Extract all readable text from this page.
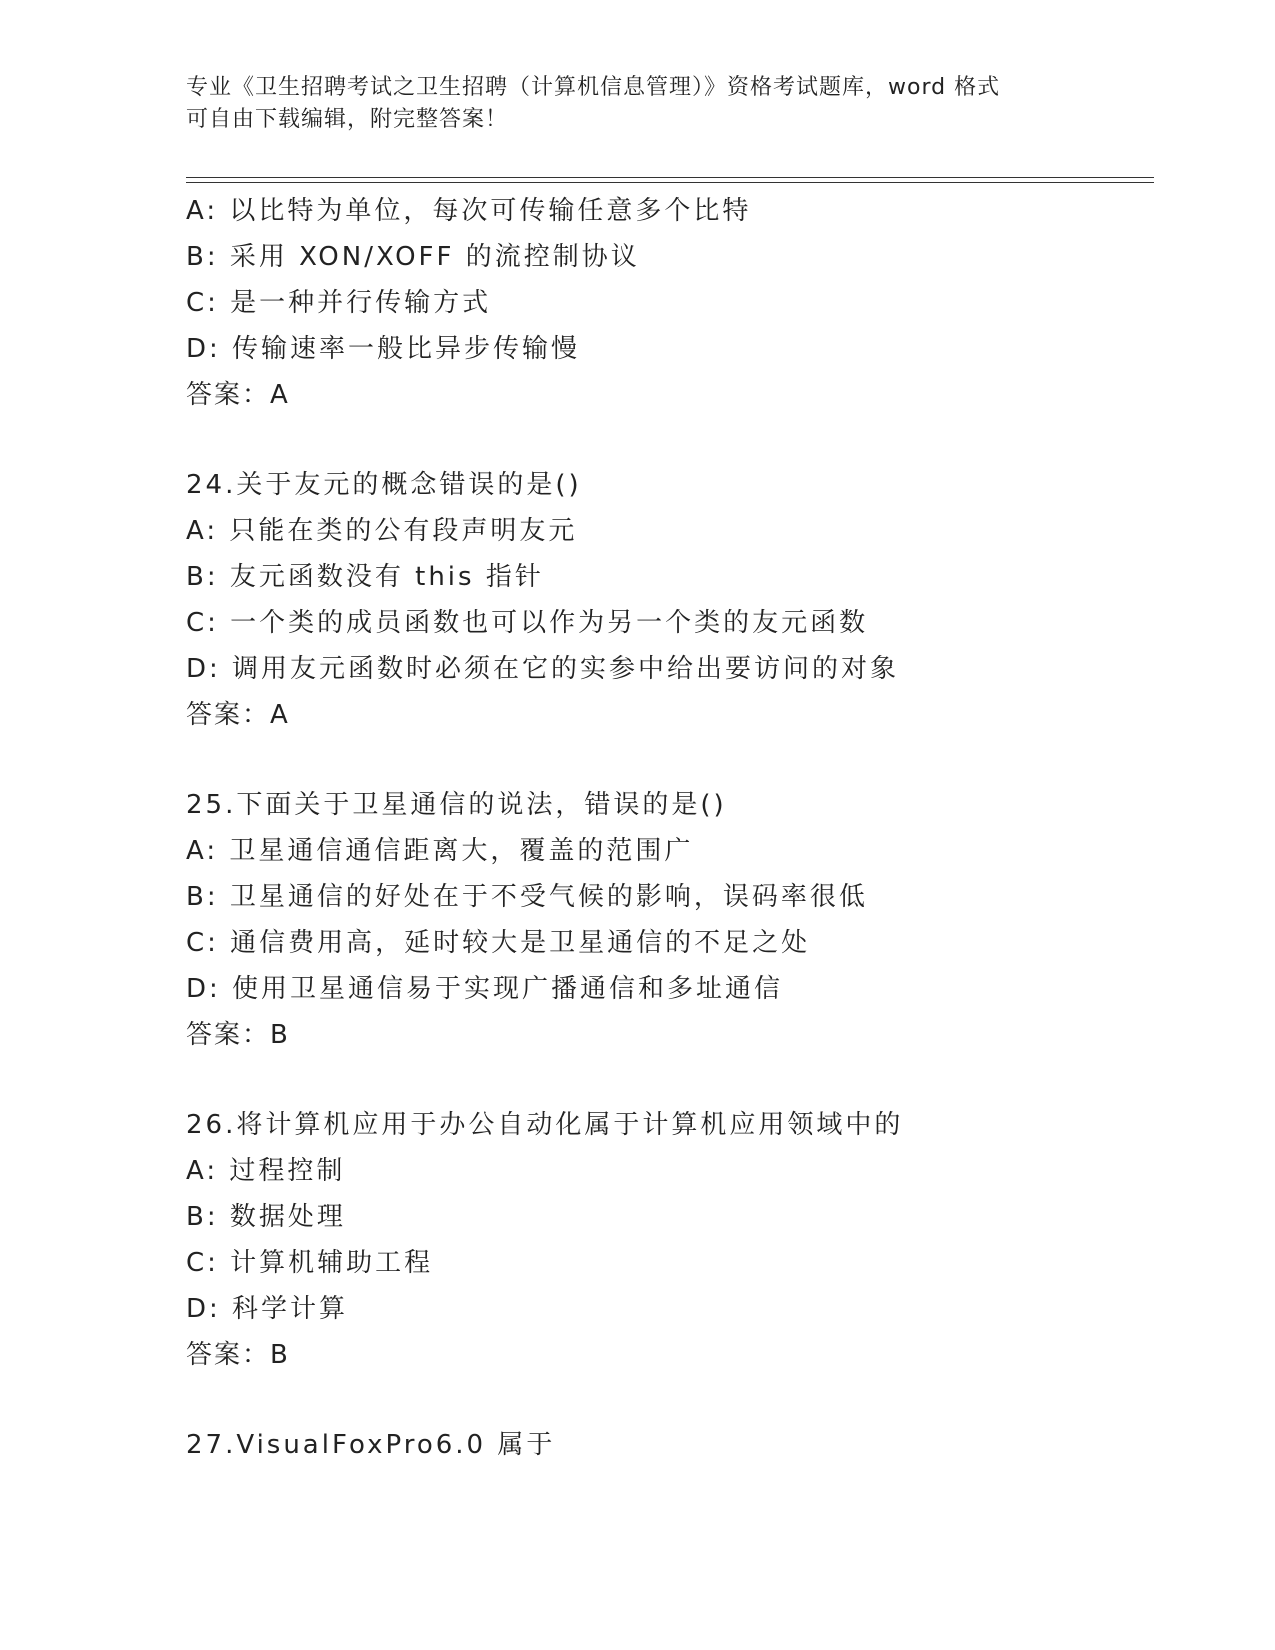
专业《卫生招聘考试之卫生招聘（计算机信息管理）》资格考试题库，word 格式
可自由下载编辑，附完整答案！
A: 以比特为单位，每次可传输任意多个比特
B: 采用 XON/XOFF 的流控制协议
C: 是一种并行传输方式
D: 传输速率一般比异步传输慢
答案：A
24.关于友元的概念错误的是()
A: 只能在类的公有段声明友元
B: 友元函数没有 this 指针
C: 一个类的成员函数也可以作为另一个类的友元函数
D: 调用友元函数时必须在它的实参中给出要访问的对象
答案：A
25.下面关于卫星通信的说法，错误的是()
A: 卫星通信通信距离大，覆盖的范围广
B: 卫星通信的好处在于不受气候的影响，误码率很低
C: 通信费用高，延时较大是卫星通信的不足之处
D: 使用卫星通信易于实现广播通信和多址通信
答案：B
26.将计算机应用于办公自动化属于计算机应用领域中的
A: 过程控制
B: 数据处理
C: 计算机辅助工程
D: 科学计算
答案：B
27.VisualFoxPro6.0 属于
